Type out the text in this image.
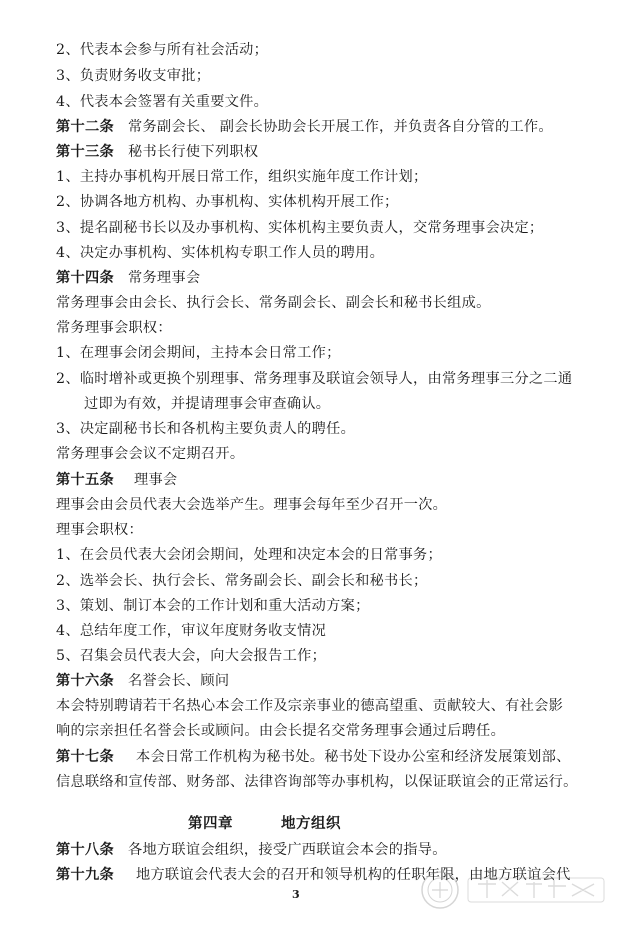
2、代表本会参与所有社会活动；
3、负责财务收支审批；
4、代表本会签署有关重要文件。
第十二条 常务副会长、 副会长协助会长开展工作，并负责各自分管的工作。
第十三条 秘书长行使下列职权
1、主持办事机构开展日常工作，组织实施年度工作计划；
2、协调各地方机构、办事机构、实体机构开展工作；
3、提名副秘书长以及办事机构、实体机构主要负责人，交常务理事会决定；
4、决定办事机构、实体机构专职工作人员的聘用。
第十四条 常务理事会
常务理事会由会长、执行会长、常务副会长、副会长和秘书长组成。
常务理事会职权：
1、在理事会闭会期间，主持本会日常工作；
2、临时增补或更换个别理事、常务理事及联谊会领导人，由常务理事三分之二通
过即为有效，并提请理事会审查确认。
3、决定副秘书长和各机构主要负责人的聘任。
常务理事会会议不定期召开。
第十五条 理事会
理事会由会员代表大会选举产生。理事会每年至少召开一次。
理事会职权：
1、在会员代表大会闭会期间，处理和决定本会的日常事务；
2、选举会长、执行会长、常务副会长、副会长和秘书长；
3、策划、制订本会的工作计划和重大活动方案；
4、总结年度工作，审议年度财务收支情况
5、召集会员代表大会，向大会报告工作；
第十六条 名誉会长、顾问
本会特别聘请若干名热心本会工作及宗亲事业的德高望重、贡献较大、有社会影
响的宗亲担任名誉会长或顾问。由会长提名交常务理事会通过后聘任。
第十七条 本会日常工作机构为秘书处。秘书处下设办公室和经济发展策划部、
信息联络和宣传部、财务部、法律咨询部等办事机构，以保证联谊会的正常运行。
第四章	地方组织
第十八条 各地方联谊会组织，接受广西联谊会本会的指导。
第十九条 地方联谊会代表大会的召开和领导机构的任职年限，由地方联谊会代
3
